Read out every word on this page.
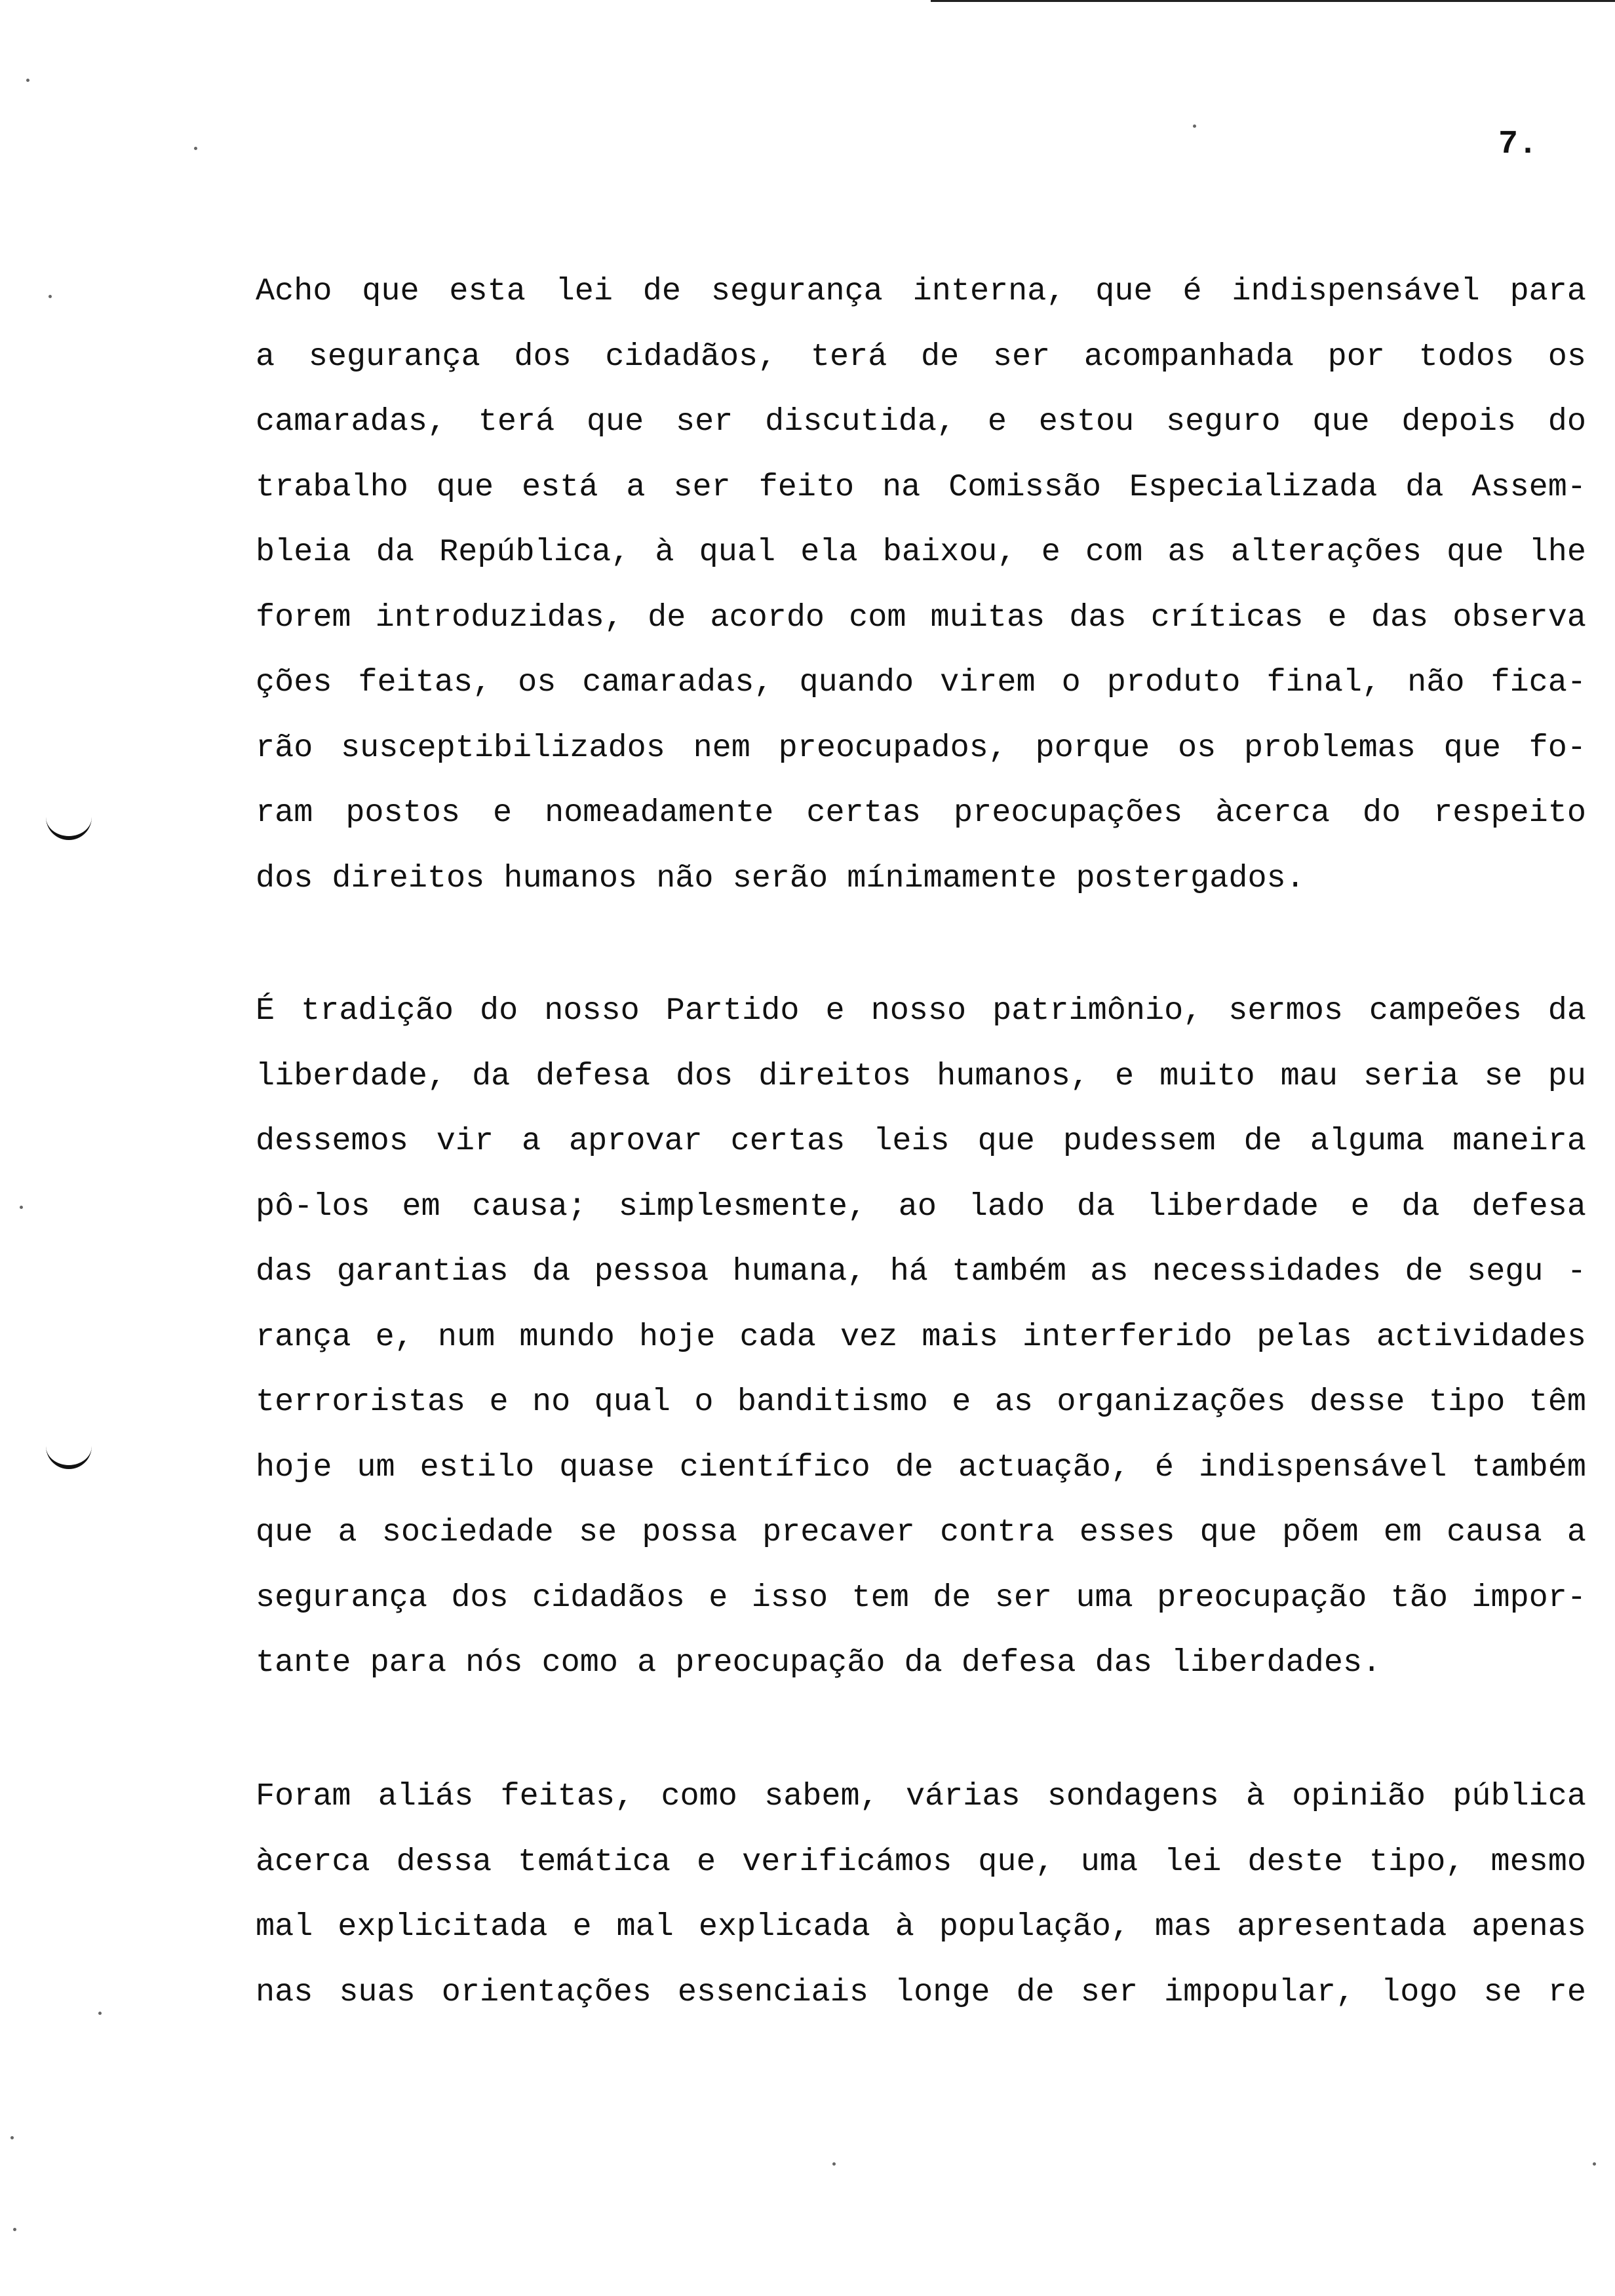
7.
Acho que esta lei de segurança interna, que é indispensável para
a segurança dos cidadãos, terá de ser acompanhada por todos os
camaradas, terá que ser discutida, e estou seguro que depois do
trabalho que está a ser feito na Comissão Especializada da Assem-
bleia da República, à qual ela baixou, e com as alterações que lhe
forem introduzidas, de acordo com muitas das críticas e das observa
ções feitas, os camaradas, quando virem o produto final, não fica-
rão susceptibilizados nem preocupados, porque os problemas que fo-
ram postos e nomeadamente certas preocupações àcerca do respeito
dos direitos humanos não serão mínimamente postergados.
É tradição do nosso Partido e nosso patrimônio, sermos campeões da
liberdade, da defesa dos direitos humanos, e muito mau seria se pu
dessemos vir a aprovar certas leis que pudessem de alguma maneira
pô-los em causa; simplesmente, ao lado da liberdade e da defesa
das garantias da pessoa humana, há também as necessidades de segu -
rança e, num mundo hoje cada vez mais interferido pelas actividades
terroristas e no qual o banditismo e as organizações desse tipo têm
hoje um estilo quase científico de actuação, é indispensável também
que a sociedade se possa precaver contra esses que põem em causa a
segurança dos cidadãos e isso tem de ser uma preocupação tão impor-
tante para nós como a preocupação da defesa das liberdades.
Foram aliás feitas, como sabem, várias sondagens à opinião pública
àcerca dessa temática e verificámos que, uma lei deste tipo, mesmo
mal explicitada e mal explicada à população, mas apresentada apenas
nas suas orientações essenciais longe de ser impopular, logo se re
